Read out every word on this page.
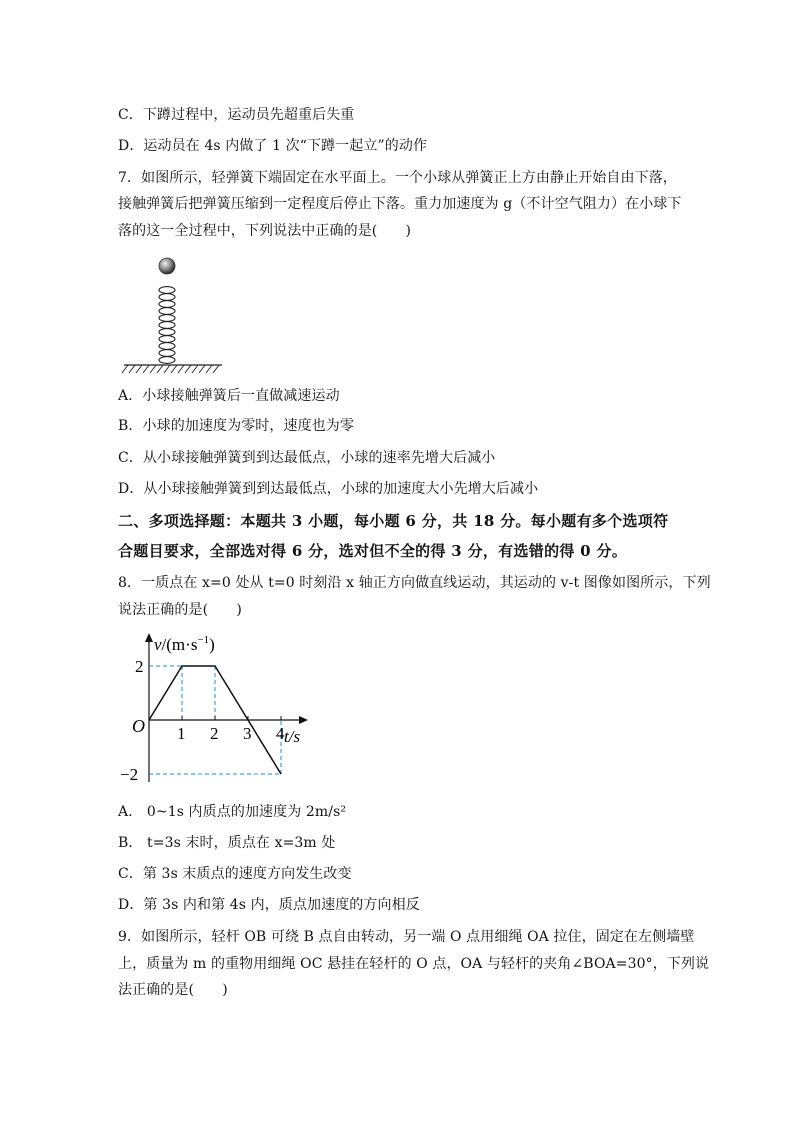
C．下蹲过程中，运动员先超重后失重
D．运动员在 4s 内做了 1 次“下蹲一起立”的动作
7．如图所示，轻弹簧下端固定在水平面上。一个小球从弹簧正上方由静止开始自由下落，
接触弹簧后把弹簧压缩到一定程度后停止下落。重力加速度为 g（不计空气阻力）在小球下
落的这一全过程中，下列说法中正确的是(　　)
A．小球接触弹簧后一直做减速运动
B．小球的加速度为零时，速度也为零
C．从小球接触弹簧到到达最低点，小球的速率先增大后减小
D．从小球接触弹簧到到达最低点，小球的加速度大小先增大后减小
二、多项选择题：本题共 3 小题，每小题 6 分，共 18 分。每小题有多个选项符
合题目要求，全部选对得 6 分，选对但不全的得 3 分，有选错的得 0 分。
8．一质点在 x=0 处从 t=0 时刻沿 x 轴正方向做直线运动，其运动的 v-t 图像如图所示，下列
说法正确的是(　　)
1 2 3 4
2
−2
$v/(m\cdot s^{-1})$
O
t/s
A． 0~1s 内质点的加速度为 2m/s²
B． t=3s 末时，质点在 x=3m 处
C．第 3s 末质点的速度方向发生改变
D．第 3s 内和第 4s 内，质点加速度的方向相反
9．如图所示，轻杆 OB 可绕 B 点自由转动，另一端 O 点用细绳 OA 拉住，固定在左侧墙壁
上，质量为 m 的重物用细绳 OC 悬挂在轻杆的 O 点，OA 与轻杆的夹角∠BOA=30°，下列说
法正确的是(　　)
